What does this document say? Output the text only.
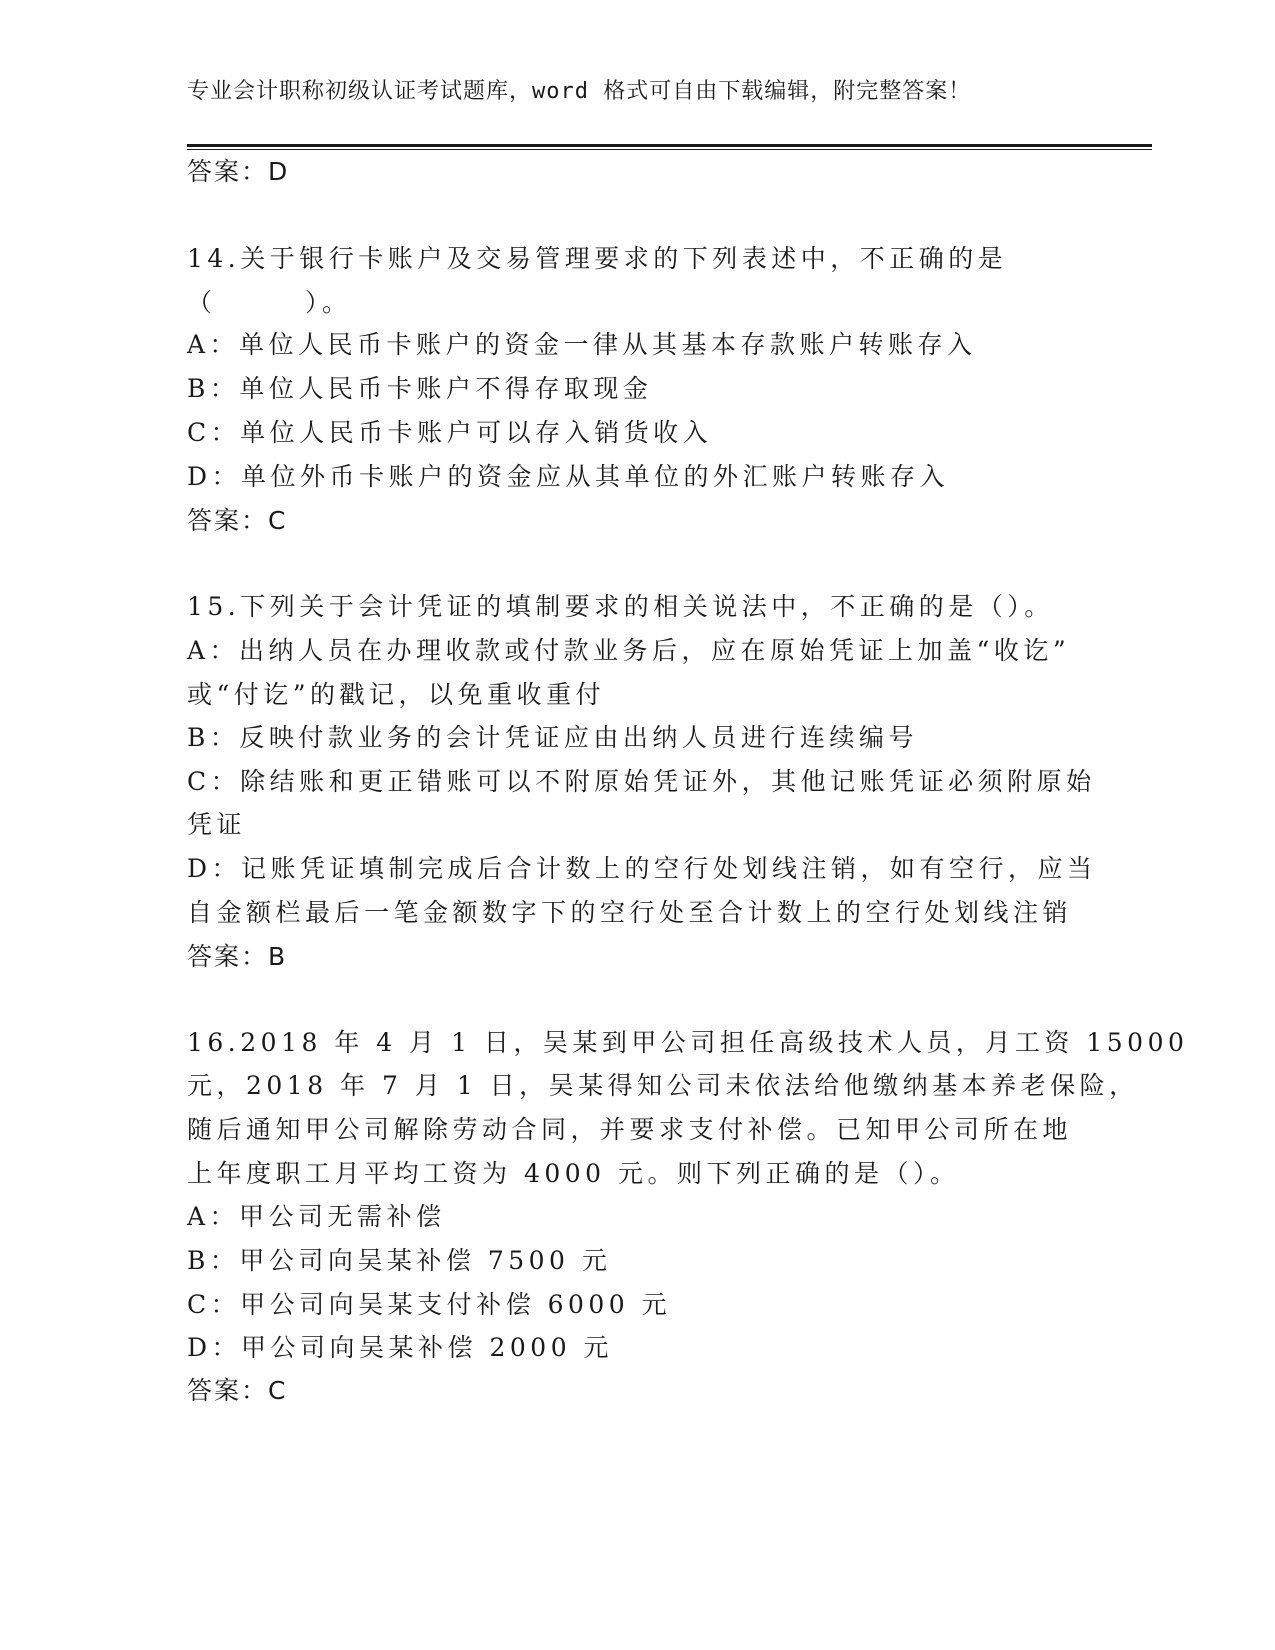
专业会计职称初级认证考试题库，word 格式可自由下载编辑，附完整答案！
答案：D
14.关于银行卡账户及交易管理要求的下列表述中，不正确的是
（　　　）。
A：单位人民币卡账户的资金一律从其基本存款账户转账存入
B：单位人民币卡账户不得存取现金
C：单位人民币卡账户可以存入销货收入
D：单位外币卡账户的资金应从其单位的外汇账户转账存入
答案：C
15.下列关于会计凭证的填制要求的相关说法中，不正确的是（）。
A：出纳人员在办理收款或付款业务后，应在原始凭证上加盖“收讫”
或“付讫”的戳记，以免重收重付
B：反映付款业务的会计凭证应由出纳人员进行连续编号
C：除结账和更正错账可以不附原始凭证外，其他记账凭证必须附原始
凭证
D：记账凭证填制完成后合计数上的空行处划线注销，如有空行，应当
自金额栏最后一笔金额数字下的空行处至合计数上的空行处划线注销
答案：B
16.2018 年 4 月 1 日，吴某到甲公司担任高级技术人员，月工资 15000
元，2018 年 7 月 1 日，吴某得知公司未依法给他缴纳基本养老保险，
随后通知甲公司解除劳动合同，并要求支付补偿。已知甲公司所在地
上年度职工月平均工资为 4000 元。则下列正确的是（）。
A：甲公司无需补偿
B：甲公司向吴某补偿 7500 元
C：甲公司向吴某支付补偿 6000 元
D：甲公司向吴某补偿 2000 元
答案：C
